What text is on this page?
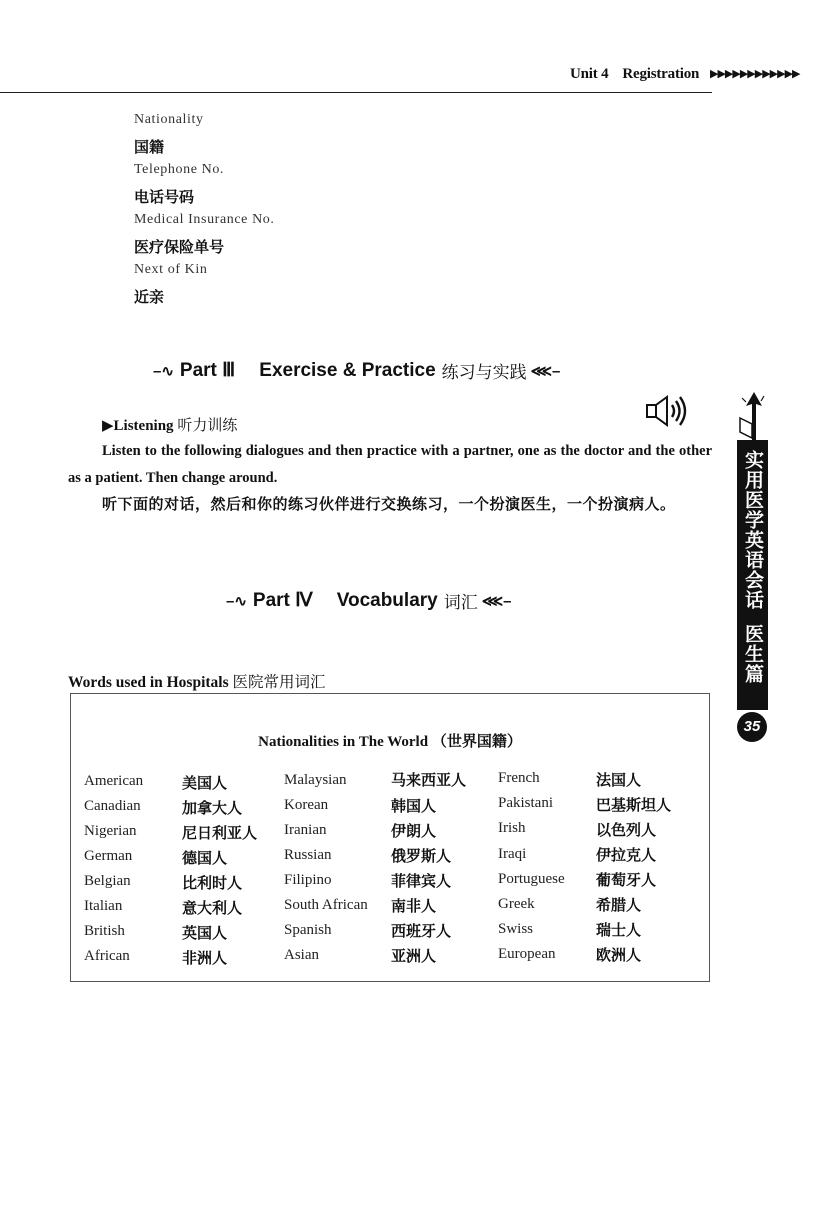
Unit 4 Registration ▶▶▶▶▶▶▶▶▶▶▶▶
Nationality
国籍
Telephone No.
电话号码
Medical Insurance No.
医疗保险单号
Next of Kin
近亲
–∿ Part Ⅲ Exercise & Practice 练习与实践 ⋘–
▶Listening 听力训练
Listen to the following dialogues and then practice with a partner, one as the doctor and the other as a patient. Then change around.
听下面的对话，然后和你的练习伙伴进行交换练习，一个扮演医生，一个扮演病人。
–∿ Part Ⅳ Vocabulary 词汇 ⋘–	实用医学英语会话医生篇
35
Words used in Hospitals 医院常用词汇
Nationalities in The World （世界国籍）
American	美国人
Canadian	加拿大人
Nigerian	尼日利亚人
German	德国人
Belgian	比利时人
Italian	意大利人
British	英国人
African	非洲人
Malaysian	马来西亚人
Korean	韩国人
Iranian	伊朗人
Russian	俄罗斯人
Filipino	菲律宾人
South African 南非人
Spanish	西班牙人
Asian	亚洲人
French	法国人
Pakistani	巴基斯坦人
Irish	以色列人
Iraqi	伊拉克人
Portuguese 葡萄牙人
Greek	希腊人
Swiss	瑞士人
European	欧洲人
